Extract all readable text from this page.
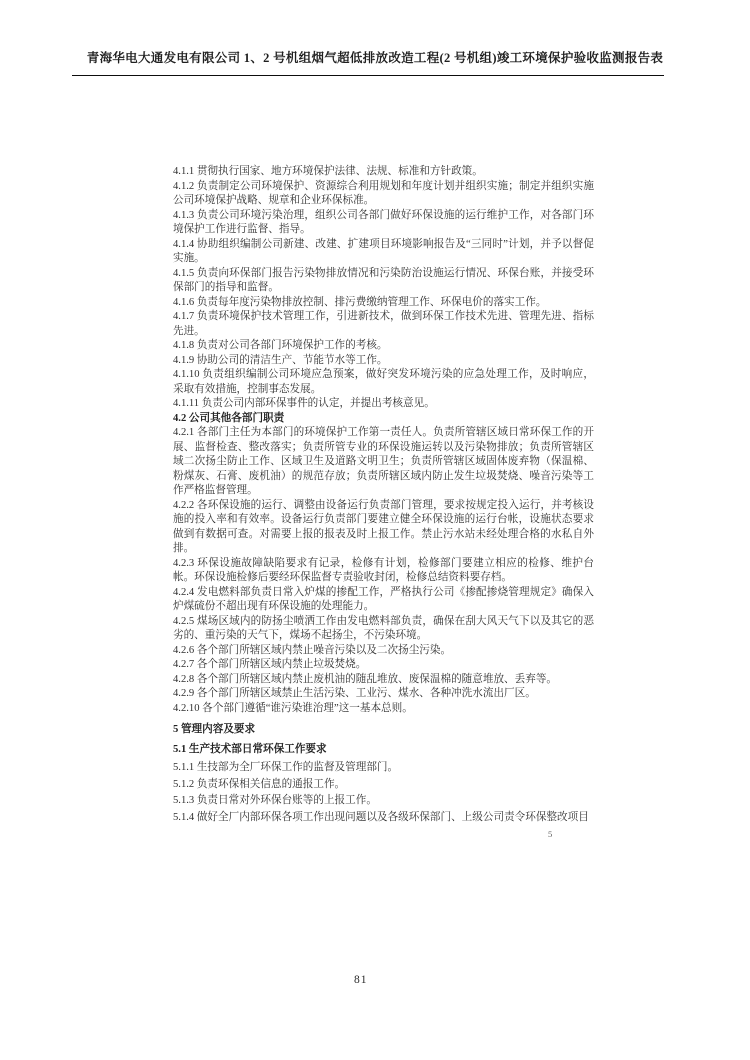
青海华电大通发电有限公司 1、2 号机组烟气超低排放改造工程(2 号机组)竣工环境保护验收监测报告表
4.1.1 贯彻执行国家、地方环境保护法律、法规、标准和方针政策。
4.1.2 负责制定公司环境保护、资源综合利用规划和年度计划并组织实施；制定并组织实施公司环境保护战略、规章和企业环保标准。
4.1.3 负责公司环境污染治理，组织公司各部门做好环保设施的运行维护工作，对各部门环境保护工作进行监督、指导。
4.1.4 协助组织编制公司新建、改建、扩建项目环境影响报告及“三同时”计划，并予以督促实施。
4.1.5 负责向环保部门报告污染物排放情况和污染防治设施运行情况、环保台账，并接受环保部门的指导和监督。
4.1.6 负责每年度污染物排放控制、排污费缴纳管理工作、环保电价的落实工作。
4.1.7 负责环境保护技术管理工作，引进新技术，做到环保工作技术先进、管理先进、指标先进。
4.1.8 负责对公司各部门环境保护工作的考核。
4.1.9 协助公司的清洁生产、节能节水等工作。
4.1.10 负责组织编制公司环境应急预案，做好突发环境污染的应急处理工作，及时响应，采取有效措施，控制事态发展。
4.1.11 负责公司内部环保事件的认定，并提出考核意见。
4.2 公司其他各部门职责
4.2.1 各部门主任为本部门的环境保护工作第一责任人。负责所管辖区域日常环保工作的开展、监督检查、整改落实；负责所管专业的环保设施运转以及污染物排放；负责所管辖区域二次扬尘防止工作、区域卫生及道路文明卫生；负责所管辖区域固体废弃物（保温棉、粉煤灰、石膏、废机油）的规范存放；负责所辖区域内防止发生垃圾焚烧、噪音污染等工作严格监督管理。
4.2.2 各环保设施的运行、调整由设备运行负责部门管理，要求按规定投入运行，并考核设施的投入率和有效率。设备运行负责部门要建立健全环保设施的运行台帐，设施状态要求做到有数据可查。对需要上报的报表及时上报工作。禁止污水站未经处理合格的水私自外排。
4.2.3 环保设施故障缺陷要求有记录，检修有计划，检修部门要建立相应的检修、维护台帐。环保设施检修后要经环保监督专责验收封闭，检修总结资料要存档。
4.2.4 发电燃料部负责日常入炉煤的掺配工作，严格执行公司《掺配掺烧管理规定》确保入炉煤硫份不超出现有环保设施的处理能力。
4.2.5 煤场区域内的防扬尘喷洒工作由发电燃料部负责，确保在刮大风天气下以及其它的恶劣的、重污染的天气下，煤场不起扬尘，不污染环境。
4.2.6 各个部门所辖区域内禁止噪音污染以及二次扬尘污染。
4.2.7 各个部门所辖区域内禁止垃圾焚烧。
4.2.8 各个部门所辖区域内禁止废机油的随乱堆放、废保温棉的随意堆放、丢弃等。
4.2.9 各个部门所辖区域禁止生活污染、工业污、煤水、各种冲洗水流出厂区。
4.2.10 各个部门遵循“谁污染谁治理”这一基本总则。
5 管理内容及要求
5.1 生产技术部日常环保工作要求
5.1.1 生技部为全厂环保工作的监督及管理部门。
5.1.2 负责环保相关信息的通报工作。
5.1.3 负责日常对外环保台账等的上报工作。
5.1.4 做好全厂内部环保各项工作出现问题以及各级环保部门、上级公司责令环保整改项目
5
81
